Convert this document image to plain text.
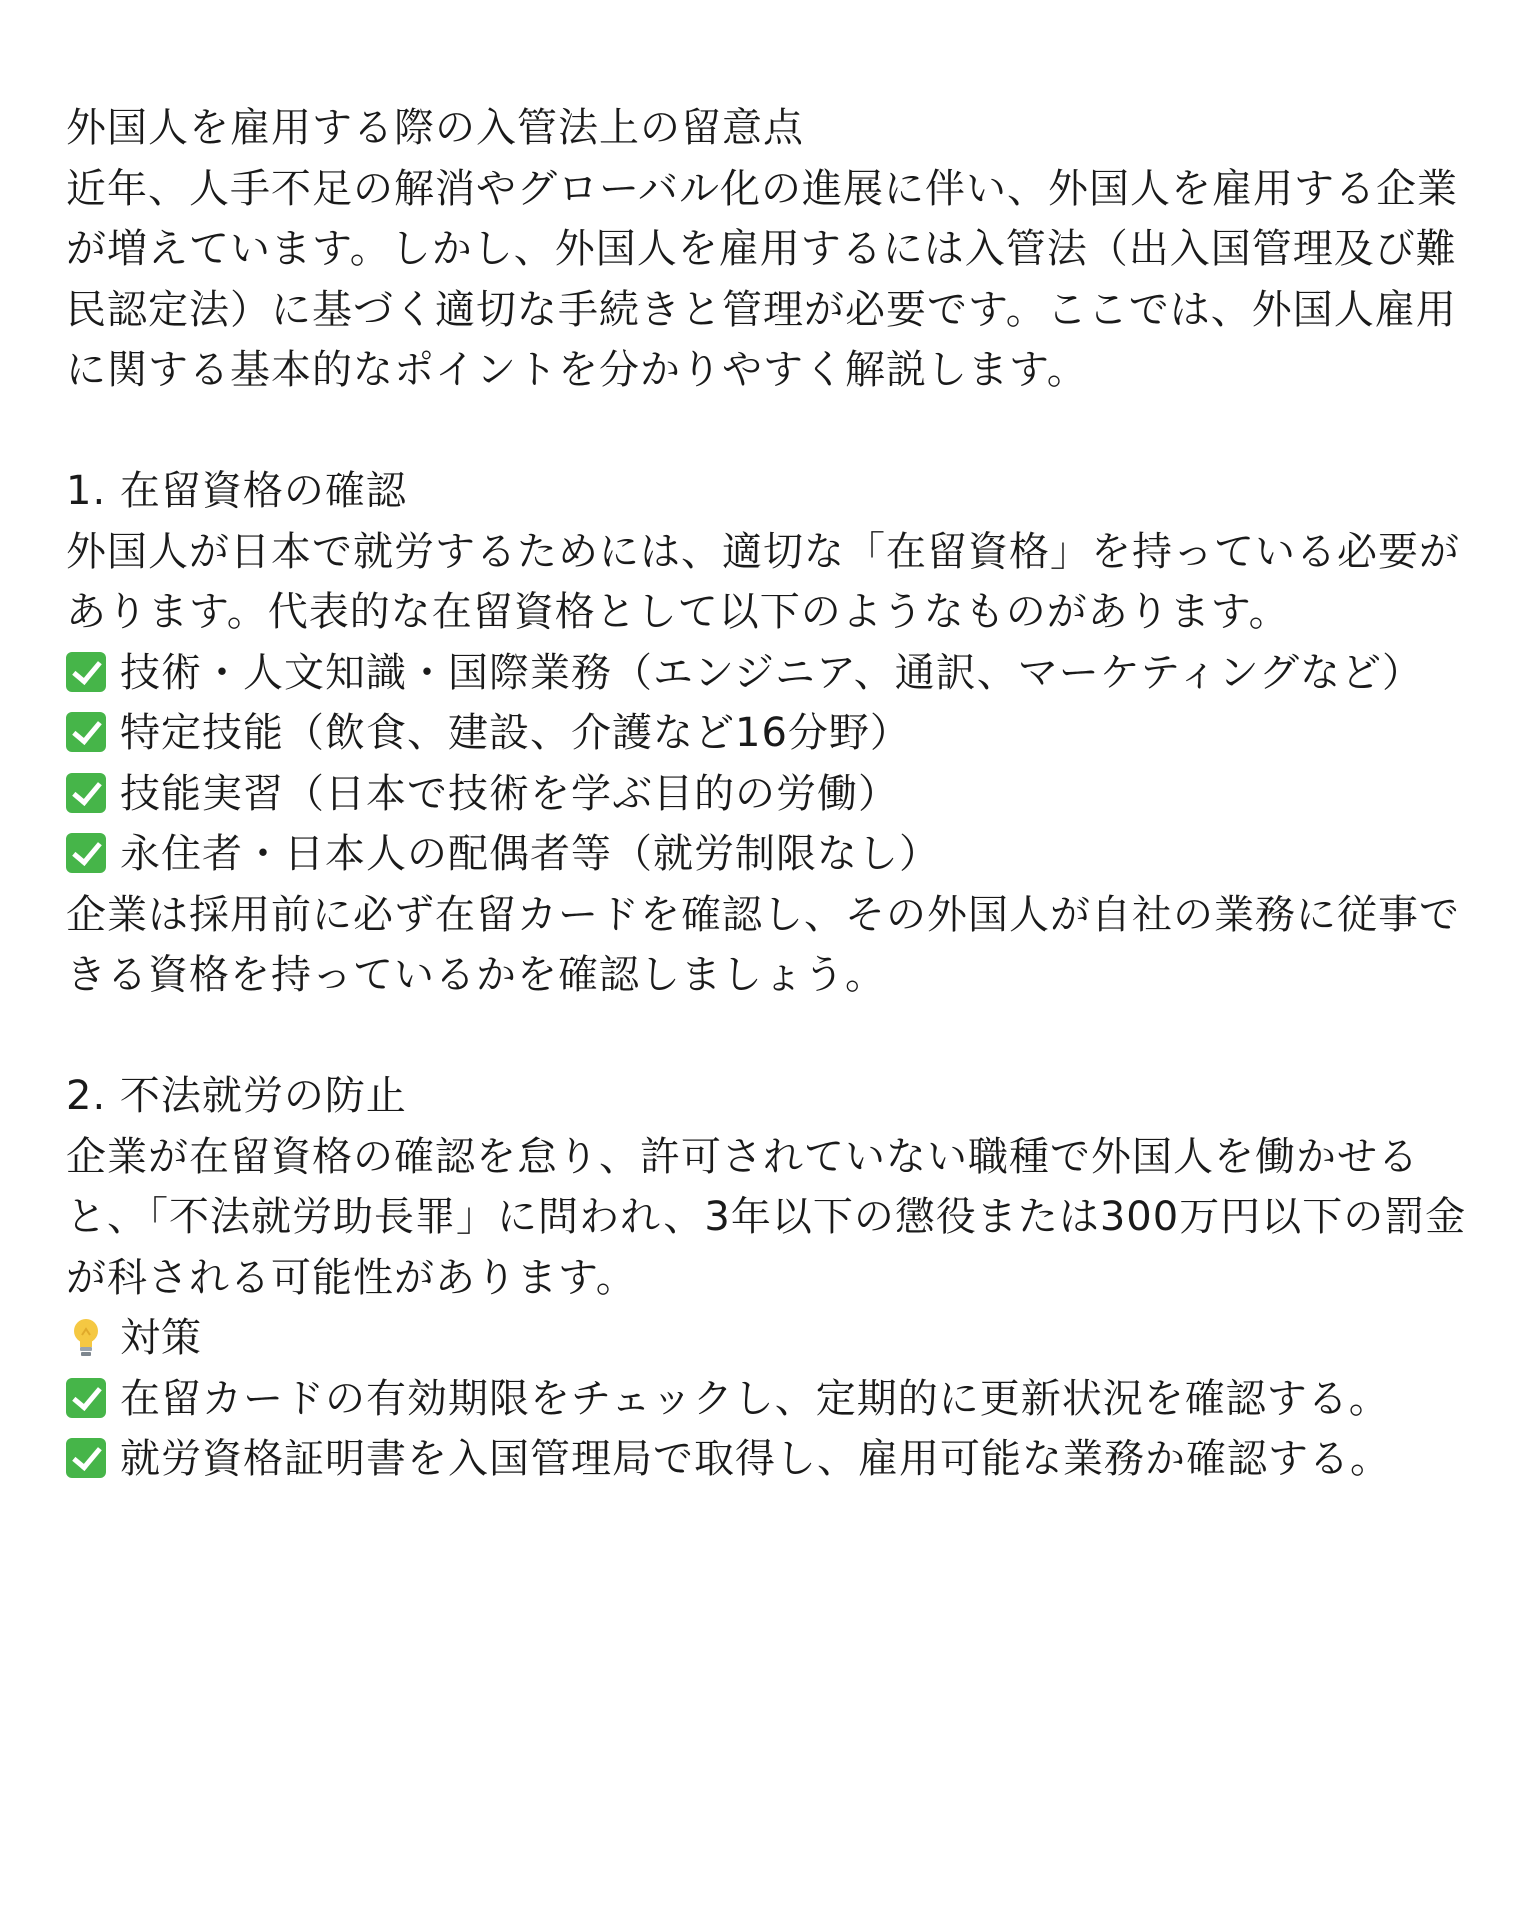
外国人を雇用する際の入管法上の留意点

近年、人手不足の解消やグローバル化の進展に伴い、外国人を雇用する企業が増えています。しかし、外国人を雇用するには入管法（出入国管理及び難民認定法）に基づく適切な手続きと管理が必要です。ここでは、外国人雇用に関する基本的なポイントを分かりやすく解説します。

1. 在留資格の確認

外国人が日本で就労するためには、適切な「在留資格」を持っている必要があります。代表的な在留資格として以下のようなものがあります。

技術・人文知識・国際業務（エンジニア、通訳、マーケティングなど）

特定技能（飲食、建設、介護など16分野）

技能実習（日本で技術を学ぶ目的の労働）

永住者・日本人の配偶者等（就労制限なし）

企業は採用前に必ず在留カードを確認し、その外国人が自社の業務に従事できる資格を持っているかを確認しましょう。

2. 不法就労の防止

企業が在留資格の確認を怠り、許可されていない職種で外国人を働かせると、「不法就労助長罪」に問われ、3年以下の懲役または300万円以下の罰金が科される可能性があります。

対策

在留カードの有効期限をチェックし、定期的に更新状況を確認する。

就労資格証明書を入国管理局で取得し、雇用可能な業務か確認する。
